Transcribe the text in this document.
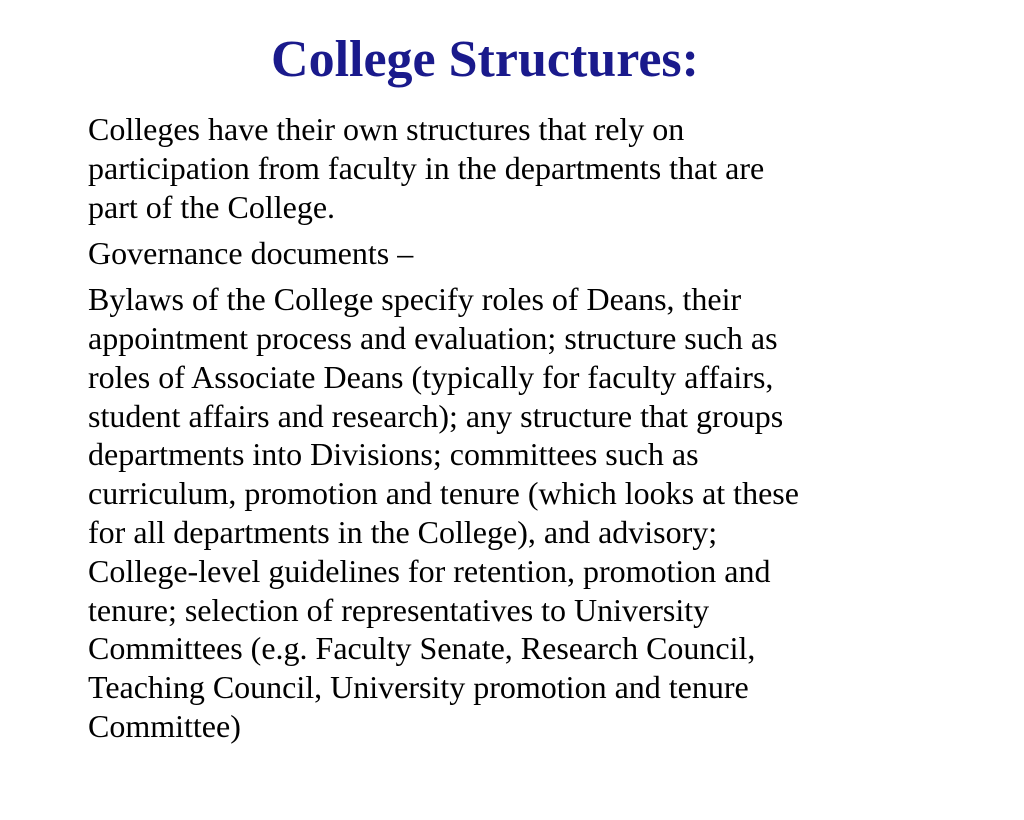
College Structures:
Colleges have their own structures that rely on
participation from faculty in the departments that are
part of the College.
Governance documents –
Bylaws of the College specify roles of Deans, their
appointment process and evaluation; structure such as
roles of Associate Deans (typically for faculty affairs,
student affairs and research); any structure that groups
departments into Divisions; committees such as
curriculum, promotion and tenure (which looks at these
for all departments in the College), and advisory;
College-level guidelines for retention, promotion and
tenure; selection of representatives to University
Committees (e.g. Faculty Senate, Research Council,
Teaching Council, University promotion and tenure
Committee)
